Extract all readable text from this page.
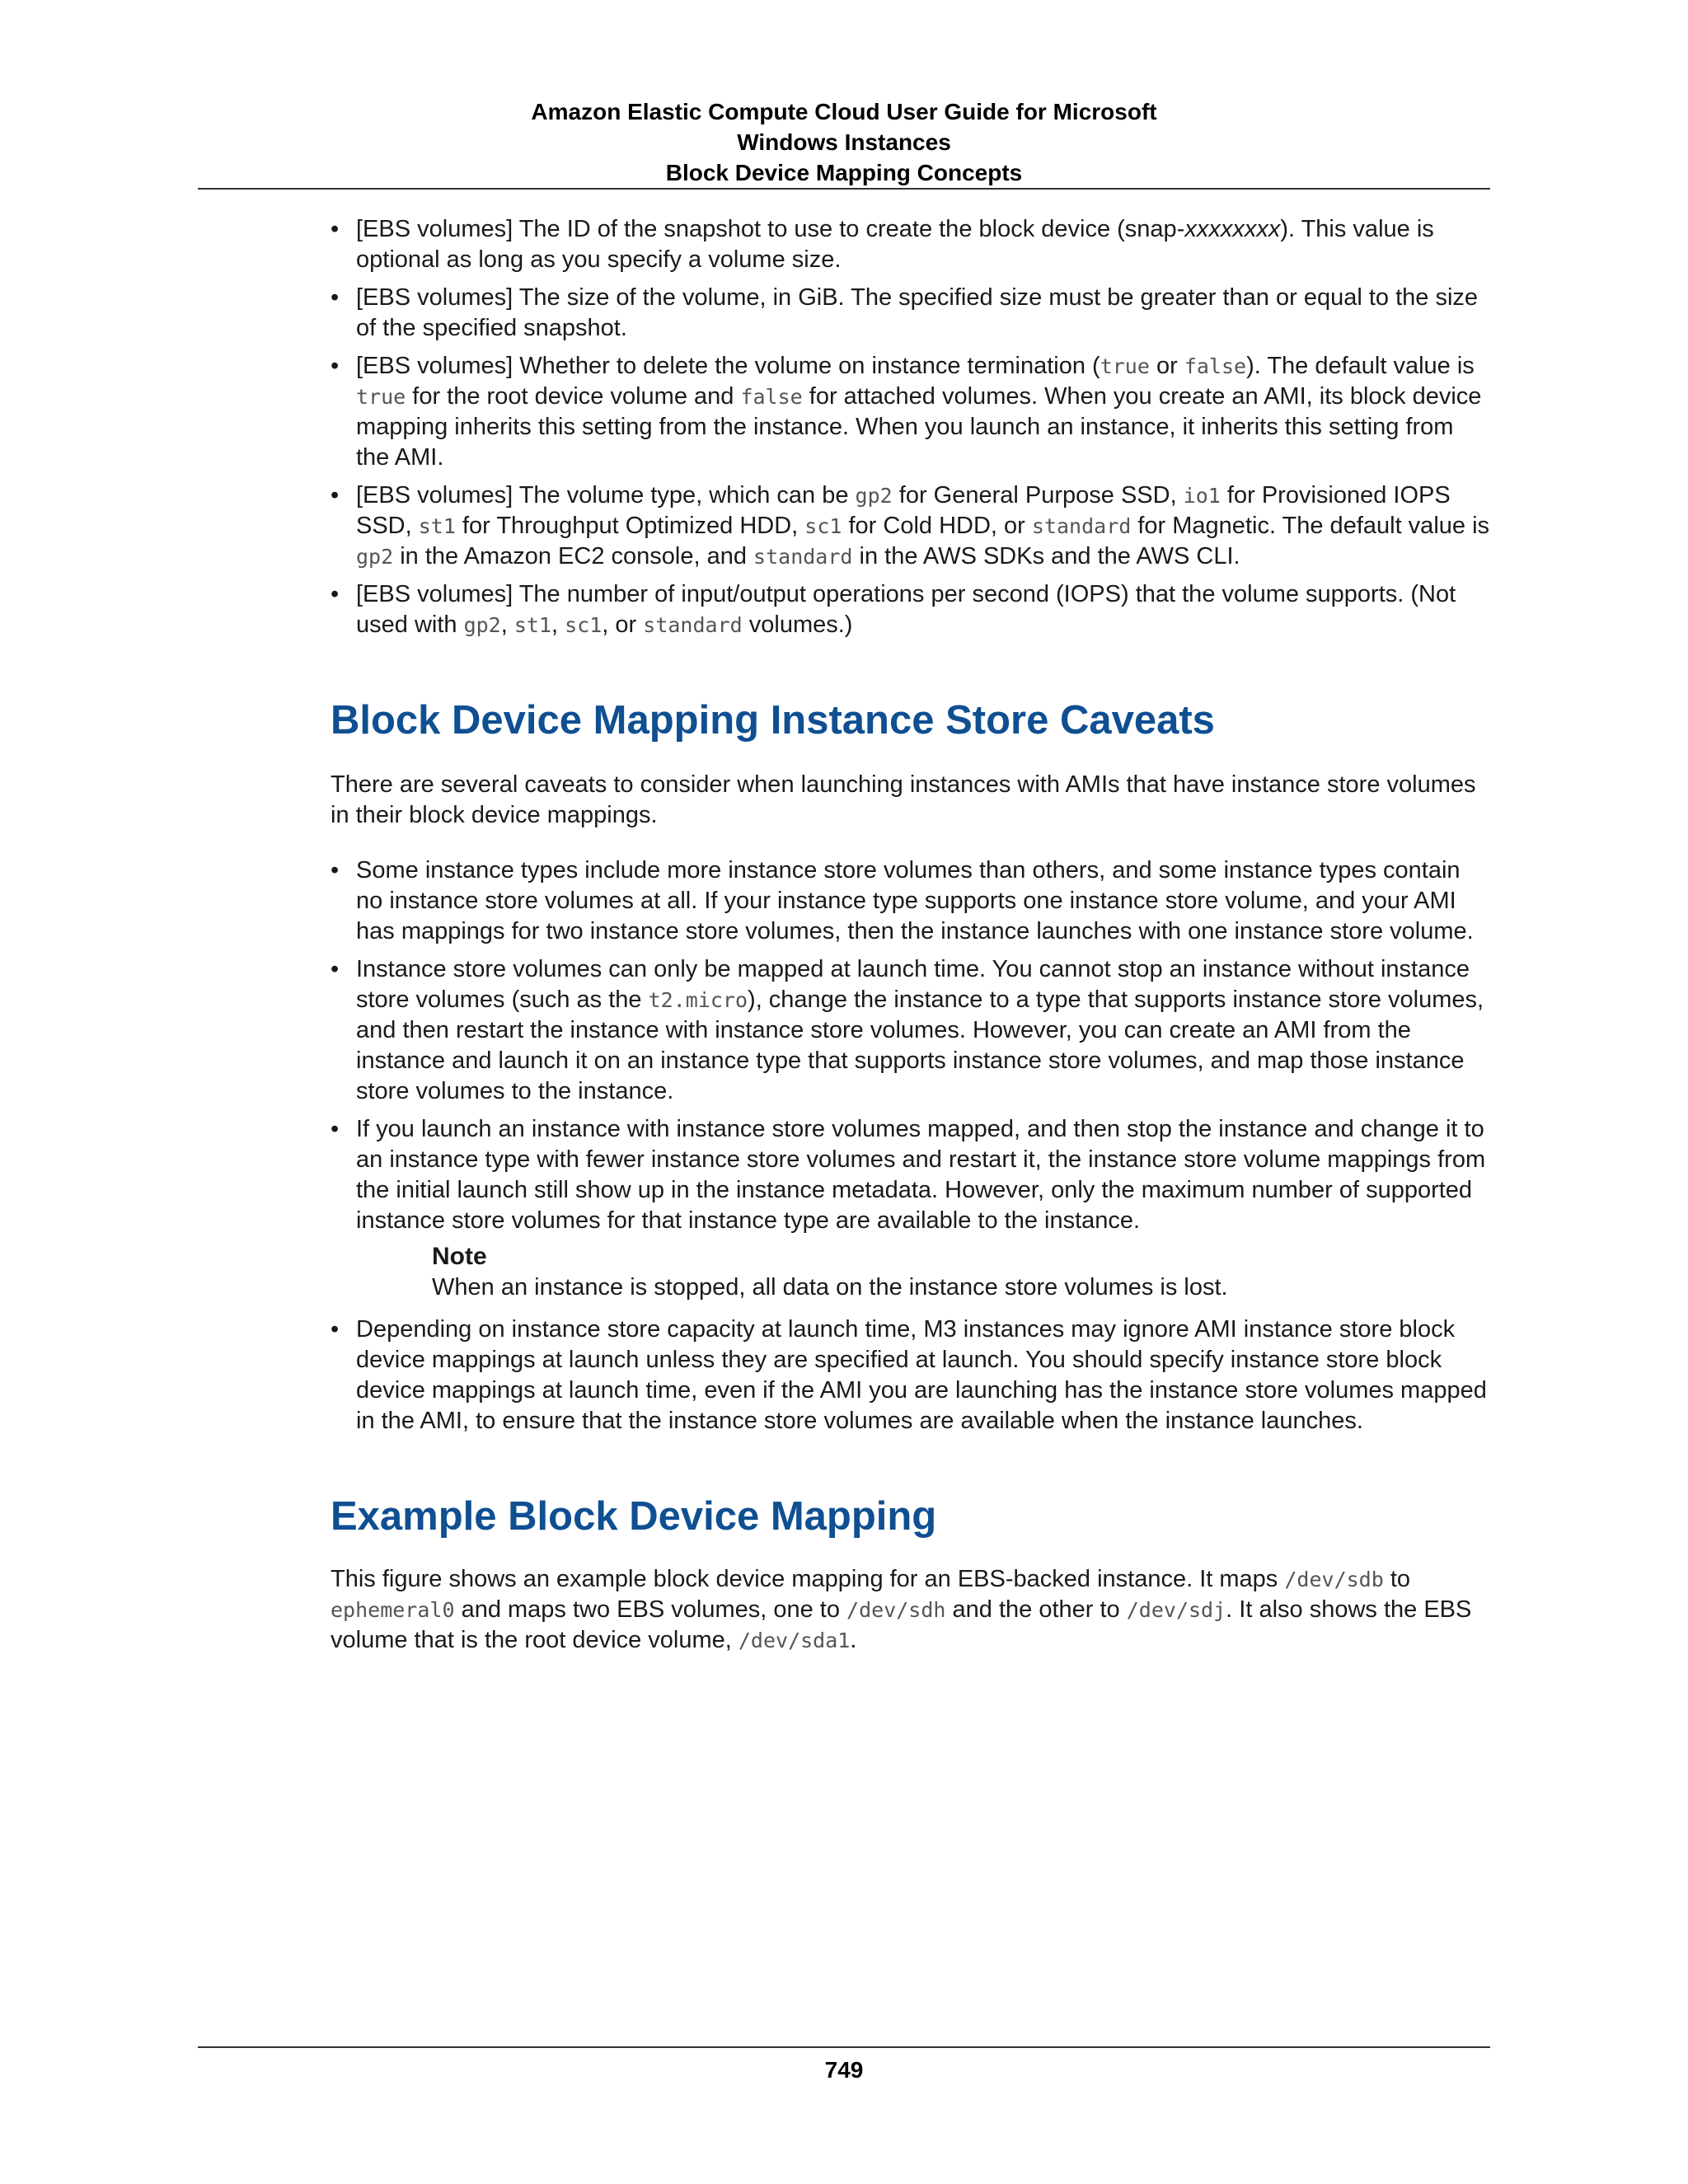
Amazon Elastic Compute Cloud User Guide for Microsoft
Windows Instances
Block Device Mapping Concepts
• [EBS volumes] The ID of the snapshot to use to create the block device (snap-xxxxxxxx). This value is optional as long as you specify a volume size.
• [EBS volumes] The size of the volume, in GiB. The specified size must be greater than or equal to the size of the specified snapshot.
• [EBS volumes] Whether to delete the volume on instance termination (true or false). The default value is true for the root device volume and false for attached volumes. When you create an AMI, its block device mapping inherits this setting from the instance. When you launch an instance, it inherits this setting from the AMI.
• [EBS volumes] The volume type, which can be gp2 for General Purpose SSD, io1 for Provisioned IOPS SSD, st1 for Throughput Optimized HDD, sc1 for Cold HDD, or standard for Magnetic. The default value is gp2 in the Amazon EC2 console, and standard in the AWS SDKs and the AWS CLI.
• [EBS volumes] The number of input/output operations per second (IOPS) that the volume supports. (Not used with gp2, st1, sc1, or standard volumes.)
Block Device Mapping Instance Store Caveats

There are several caveats to consider when launching instances with AMIs that have instance store volumes in their block device mappings.

• Some instance types include more instance store volumes than others, and some instance types contain no instance store volumes at all. If your instance type supports one instance store volume, and your AMI has mappings for two instance store volumes, then the instance launches with one instance store volume.
• Instance store volumes can only be mapped at launch time. You cannot stop an instance without instance store volumes (such as the t2.micro), change the instance to a type that supports instance store volumes, and then restart the instance with instance store volumes. However, you can create an AMI from the instance and launch it on an instance type that supports instance store volumes, and map those instance store volumes to the instance.
• If you launch an instance with instance store volumes mapped, and then stop the instance and change it to an instance type with fewer instance store volumes and restart it, the instance store volume mappings from the initial launch still show up in the instance metadata. However, only the maximum number of supported instance store volumes for that instance type are available to the instance.
Note
When an instance is stopped, all data on the instance store volumes is lost.
• Depending on instance store capacity at launch time, M3 instances may ignore AMI instance store block device mappings at launch unless they are specified at launch. You should specify instance store block device mappings at launch time, even if the AMI you are launching has the instance store volumes mapped in the AMI, to ensure that the instance store volumes are available when the instance launches.
Example Block Device Mapping

This figure shows an example block device mapping for an EBS-backed instance. It maps /dev/sdb to ephemeral0 and maps two EBS volumes, one to /dev/sdh and the other to /dev/sdj. It also shows the EBS volume that is the root device volume, /dev/sda1.

749
